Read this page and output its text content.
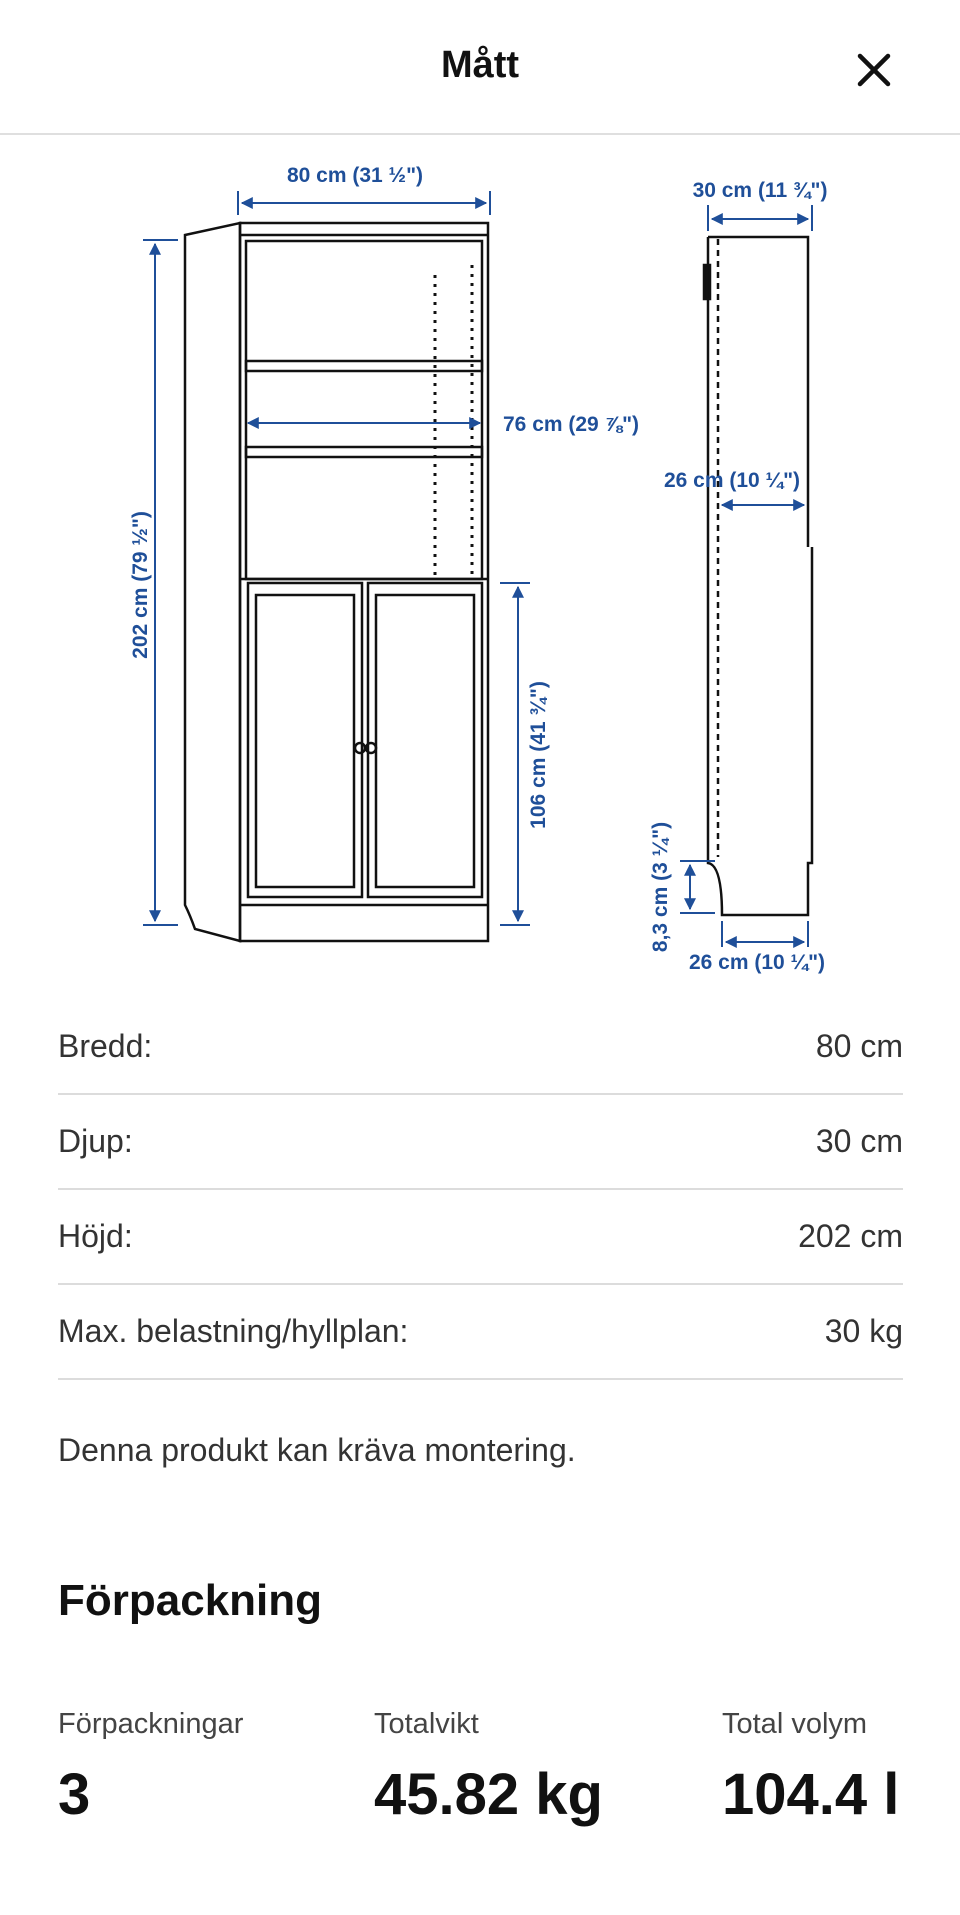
Mått
80 cm (31 ½")
76 cm (29 ⅞")
202 cm (79 ½")
106 cm (41 ¾")
30 cm (11 ¾")
26 cm (10 ¼")
8,3 cm (3 ¼")
26 cm (10 ¼")
Bredd:	80 cm
Djup:	30 cm
Höjd:	202 cm
Max. belastning/hyllplan:	30 kg
Denna produkt kan kräva montering.
Förpackning
Förpackningar
3
Totalvikt
45.82 kg
Total volym
104.4 l
